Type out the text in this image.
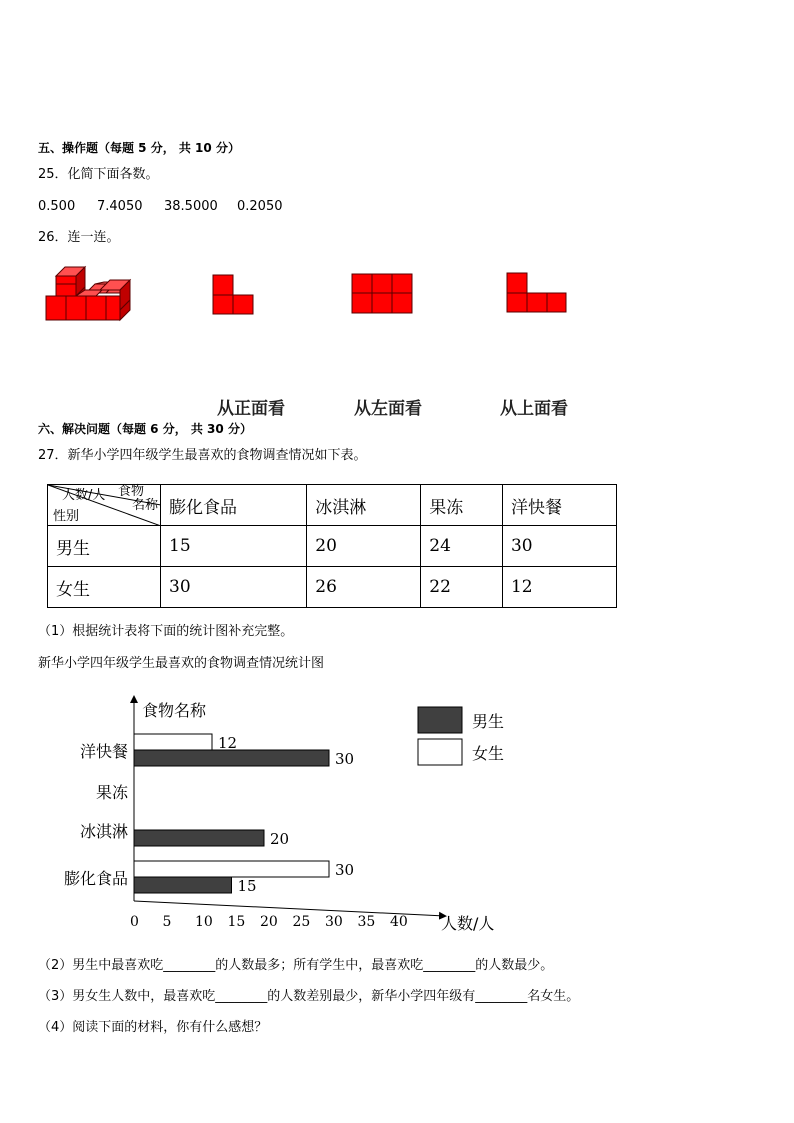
五、操作题（每题 5 分， 共 10 分）
25．化简下面各数。
0.500 7.4050 38.5000 0.2050
26．连一连。
从正面看	从左面看	从上面看
六、解决问题（每题 6 分， 共 30 分）
27．新华小学四年级学生最喜欢的食物调查情况如下表。
食物
人数/人
名称
性别	膨化食品	冰淇淋	果冻	洋快餐
男生	15	20	24	30
女生	30	26	22	12
（1）根据统计表将下面的统计图补充完整。
新华小学四年级学生最喜欢的食物调查情况统计图
食物名称
人数/人
0 5 10 15 20 25 30 35 40
膨化食品
冰淇淋
果冻
洋快餐
15
20
30
30
12
男生
女生
（2）男生中最喜欢吃________的人数最多；所有学生中，最喜欢吃________的人数最少。
（3）男女生人数中，最喜欢吃________的人数差别最少，新华小学四年级有________名女生。
（4）阅读下面的材料，你有什么感想？
